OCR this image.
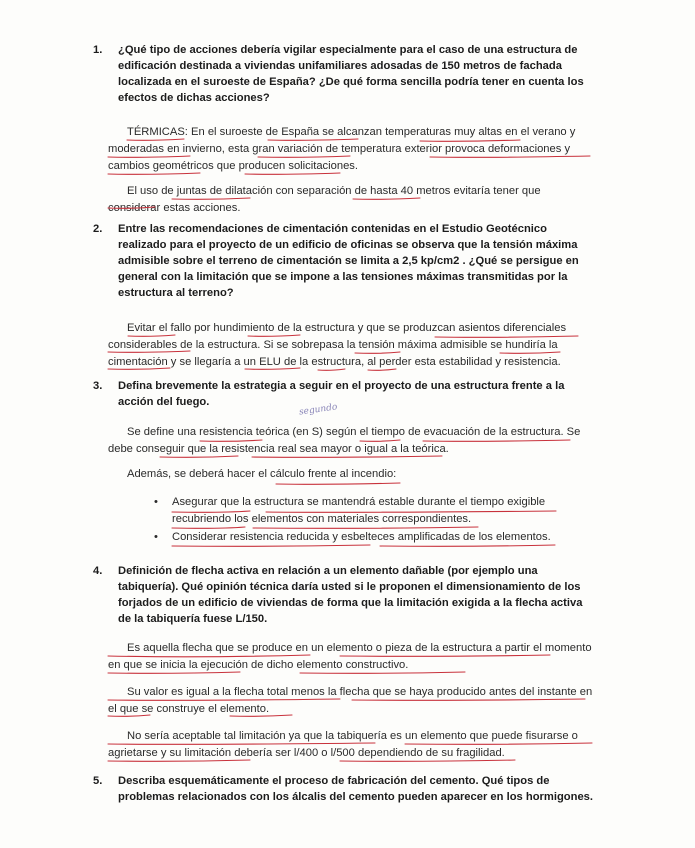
1. ¿Qué tipo de acciones debería vigilar especialmente para el caso de una estructura de edificación destinada a viviendas unifamiliares adosadas de 150 metros de fachada localizada en el suroeste de España? ¿De qué forma sencilla podría tener en cuenta los efectos de dichas acciones?

TÉRMICAS: En el suroeste de España se alcanzan temperaturas muy altas en el verano y moderadas en invierno, esta gran variación de temperatura exterior provoca deformaciones y cambios geométricos que producen solicitaciones.

El uso de juntas de dilatación con separación de hasta 40 metros evitaría tener que considerar estas acciones.

2. Entre las recomendaciones de cimentación contenidas en el Estudio Geotécnico realizado para el proyecto de un edificio de oficinas se observa que la tensión máxima admisible sobre el terreno de cimentación se limita a 2,5 kp/cm2 . ¿Qué se persigue en general con la limitación que se impone a las tensiones máximas transmitidas por la estructura al terreno?

Evitar el fallo por hundimiento de la estructura y que se produzcan asientos diferenciales considerables de la estructura. Si se sobrepasa la tensión máxima admisible se hundiría la cimentación y se llegaría a un ELU de la estructura, al perder esta estabilidad y resistencia.

3. Defina brevemente la estrategia a seguir en el proyecto de una estructura frente a la acción del fuego.
segundo

Se define una resistencia teórica (en S) según el tiempo de evacuación de la estructura. Se debe conseguir que la resistencia real sea mayor o igual a la teórica.

Además, se deberá hacer el cálculo frente al incendio:

• Asegurar que la estructura se mantendrá estable durante el tiempo exigible recubriendo los elementos con materiales correspondientes.
• Considerar resistencia reducida y esbelteces amplificadas de los elementos.
4. Definición de flecha activa en relación a un elemento dañable (por ejemplo una tabiquería). Qué opinión técnica daría usted si le proponen el dimensionamiento de los forjados de un edificio de viviendas de forma que la limitación exigida a la flecha activa de la tabiquería fuese L/150.

Es aquella flecha que se produce en un elemento o pieza de la estructura a partir el momento en que se inicia la ejecución de dicho elemento constructivo.

Su valor es igual a la flecha total menos la flecha que se haya producido antes del instante en el que se construye el elemento.

No sería aceptable tal limitación ya que la tabiquería es un elemento que puede fisurarse o agrietarse y su limitación debería ser l/400 o l/500 dependiendo de su fragilidad.

5. Describa esquemáticamente el proceso de fabricación del cemento. Qué tipos de problemas relacionados con los álcalis del cemento pueden aparecer en los hormigones.
